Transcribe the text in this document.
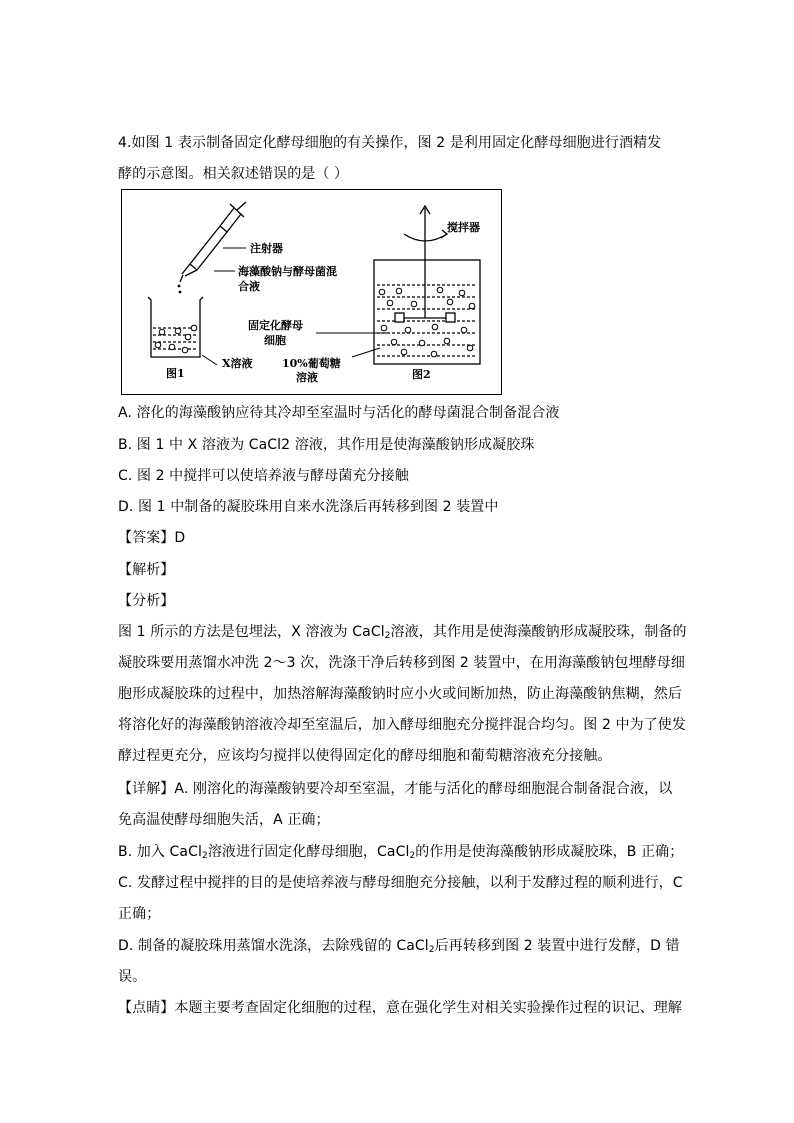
4.如图 1 表示制备固定化酵母细胞的有关操作，图 2 是利用固定化酵母细胞进行酒精发
酵的示意图。相关叙述错误的是（ ）
注射器
海藻酸钠与酵母菌混
合液
固定化酵母
细胞
X溶液	10%葡萄糖
溶液
图1	图2
搅拌器
A. 溶化的海藻酸钠应待其冷却至室温时与活化的酵母菌混合制备混合液
B. 图 1 中 X 溶液为 CaCl2 溶液，其作用是使海藻酸钠形成凝胶珠
C. 图 2 中搅拌可以使培养液与酵母菌充分接触
D. 图 1 中制备的凝胶珠用自来水洗涤后再转移到图 2 装置中
【答案】D
【解析】
【分析】
图 1 所示的方法是包埋法，X 溶液为 CaCl$_2$溶液，其作用是使海藻酸钠形成凝胶珠，制备的
凝胶珠要用蒸馏水冲洗 2～3 次，洗涤干净后转移到图 2 装置中，在用海藻酸钠包埋酵母细
胞形成凝胶珠的过程中，加热溶解海藻酸钠时应小火或间断加热，防止海藻酸钠焦糊，然后
将溶化好的海藻酸钠溶液冷却至室温后，加入酵母细胞充分搅拌混合均匀。图 2 中为了使发
酵过程更充分，应该均匀搅拌以使得固定化的酵母细胞和葡萄糖溶液充分接触。
【详解】A. 刚溶化的海藻酸钠要冷却至室温，才能与活化的酵母细胞混合制备混合液，以
免高温使酵母细胞失活，A 正确；
B. 加入 CaCl$_2$溶液进行固定化酵母细胞，CaCl$_2$的作用是使海藻酸钠形成凝胶珠，B 正确；
C. 发酵过程中搅拌的目的是使培养液与酵母细胞充分接触，以利于发酵过程的顺利进行，C
正确；
D. 制备的凝胶珠用蒸馏水洗涤，去除残留的 CaCl$_2$后再转移到图 2 装置中进行发酵，D 错
误。
【点睛】本题主要考查固定化细胞的过程，意在强化学生对相关实验操作过程的识记、理解
